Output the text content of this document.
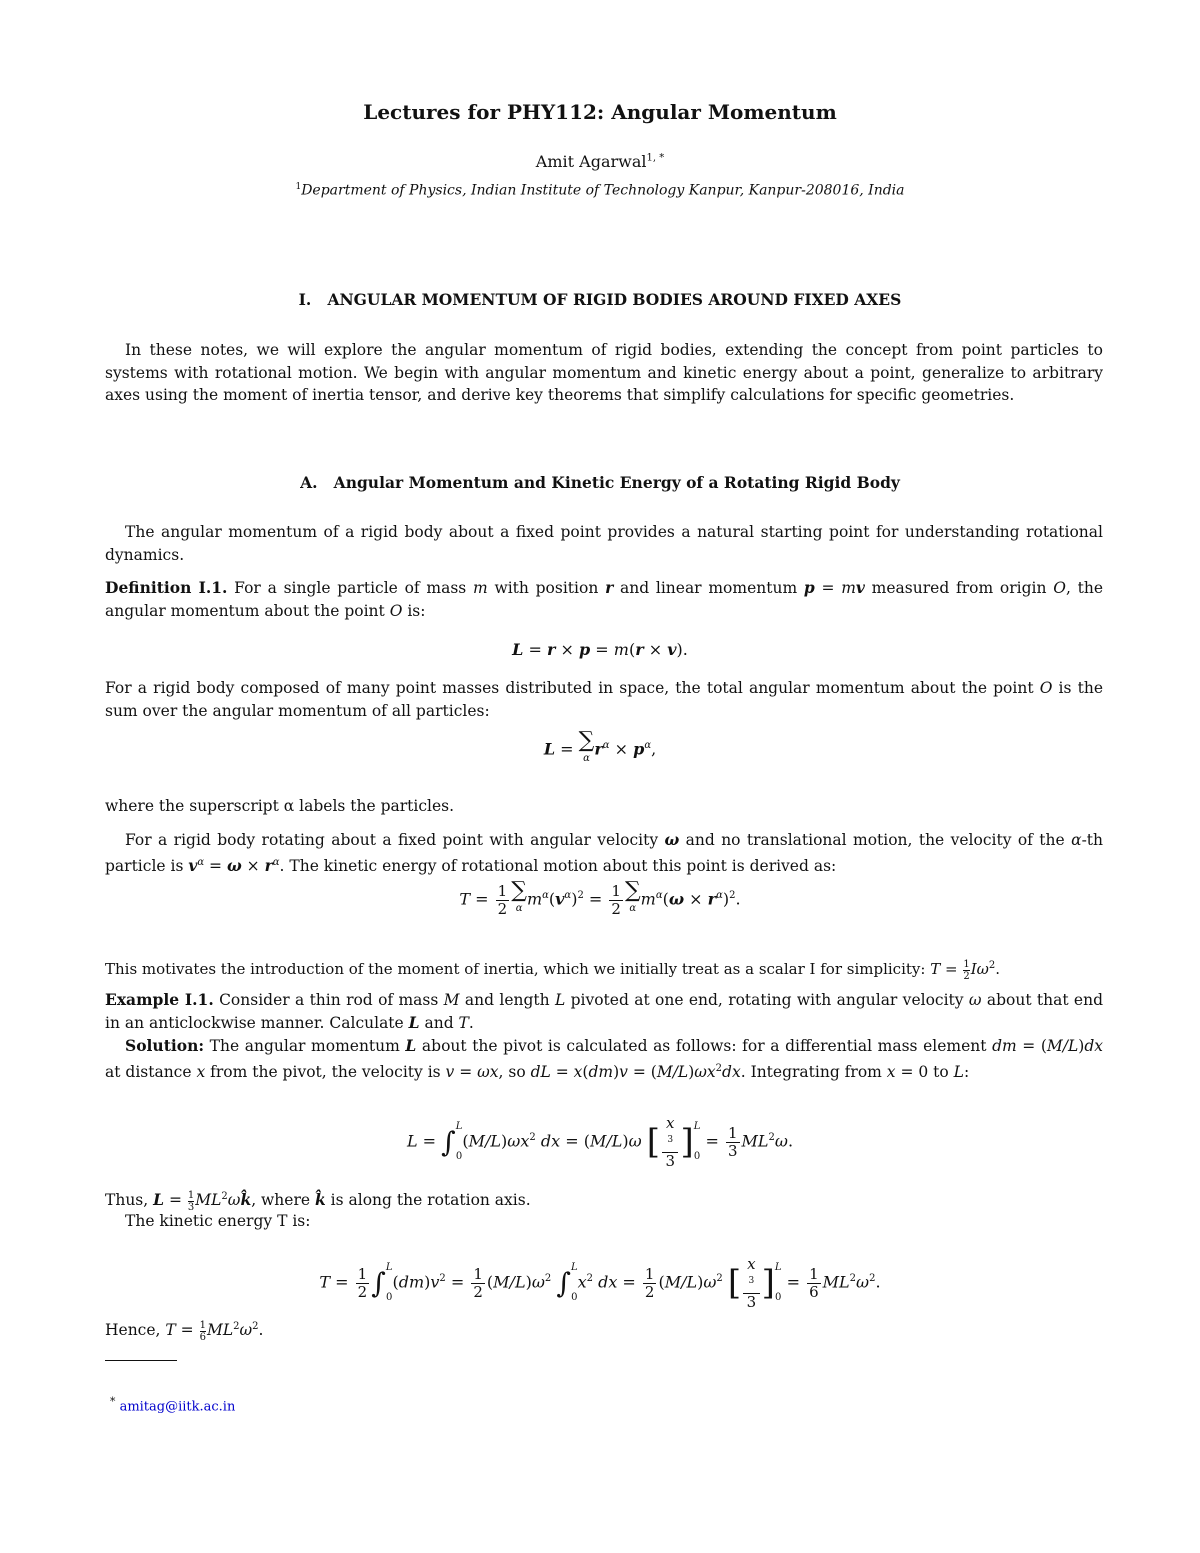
Lectures for PHY112: Angular Momentum
Amit Agarwal$^{1, *}$
$^1$Department of Physics, Indian Institute of Technology Kanpur, Kanpur-208016, India
I.   ANGULAR MOMENTUM OF RIGID BODIES AROUND FIXED AXES
In these notes, we will explore the angular momentum of rigid bodies, extending the concept from point particles to systems with rotational motion. We begin with angular momentum and kinetic energy about a point, generalize to arbitrary axes using the moment of inertia tensor, and derive key theorems that simplify calculations for specific geometries.
A.   Angular Momentum and Kinetic Energy of a Rotating Rigid Body
The angular momentum of a rigid body about a fixed point provides a natural starting point for understanding rotational dynamics.
Definition I.1. For a single particle of mass m with position r and linear momentum p = mv measured from origin O, the angular momentum about the point O is:
L = r × p = m(r × v).
For a rigid body composed of many point masses distributed in space, the total angular momentum about the point O is the sum over the angular momentum of all particles:
L = ∑
α $r^\alpha \times p^\alpha$,
where the superscript α labels the particles.
For a rigid body rotating about a fixed point with angular velocity ω and no translational motion, the velocity of the α-th particle is $v^\alpha = \omega \times r^\alpha$. The kinetic energy of rotational motion about this point is derived as:
$T = \frac{1}{2}$ ∑
α $m^\alpha(v^\alpha)^2 = \frac{1}{2}$ ∑
α $m^\alpha(\omega \times r^\alpha)^2$.
This motivates the introduction of the moment of inertia, which we initially treat as a scalar I for simplicity: $T = \frac{1}{2} I\omega^2$.
Example I.1. Consider a thin rod of mass M and length L pivoted at one end, rotating with angular velocity ω about that end in an anticlockwise manner. Calculate L and T.
Solution: The angular momentum L about the pivot is calculated as follows: for a differential mass element dm = (M/L)dx at distance x from the pivot, the velocity is v = ωx, so dL = $x(dm)v = (M/L)\omega x^2dx$. Integrating from x = 0 to L:
L = ∫ L
0
$(M/L)\omega x^2$ dx = (M/L)ω [ x
$^3$
3 ] L
0
= $\frac{1}{3} ML^2\omega$.
Thus, $L = \frac{1}{3}$ $ML^2\omega k̂$, where k̂ is along the rotation axis.
The kinetic energy T is:
$T = \frac{1}{2}$ ∫ L
0
$(dm)v^2 = \frac{1}{2} (M/L)\omega^2$ ∫ L
0
$x^2$ dx = $\frac{1}{2} (M/L)\omega^2$ [ x
$^3$
3 ] L
0
= $\frac{1}{6} ML^2\omega^2$.
Hence, $T = \frac{1}{6} ML^2\omega^2$.
* amitag@iitk.ac.in
